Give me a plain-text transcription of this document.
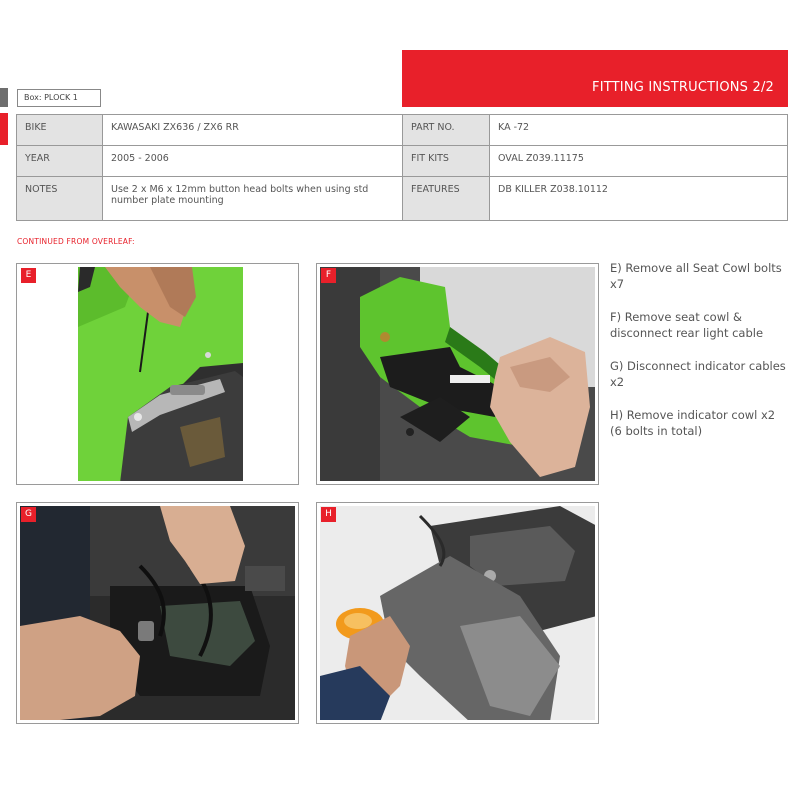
Box: PLOCK 1
FITTING INSTRUCTIONS 2/2
BIKE	KAWASAKI ZX636 / ZX6 RR	PART NO.	KA -72
YEAR	2005 - 2006	FIT KITS	OVAL Z039.11175
NOTES	Use 2 x M6 x 12mm button head bolts when using std number plate mounting	FEATURES	DB KILLER Z038.10112
CONTINUED FROM OVERLEAF:
E	F
G	H

E) Remove all Seat Cowl bolts x7

F) Remove seat cowl & disconnect rear light cable

G) Disconnect indicator cables x2

H) Remove indicator cowl x2 (6 bolts in total)
